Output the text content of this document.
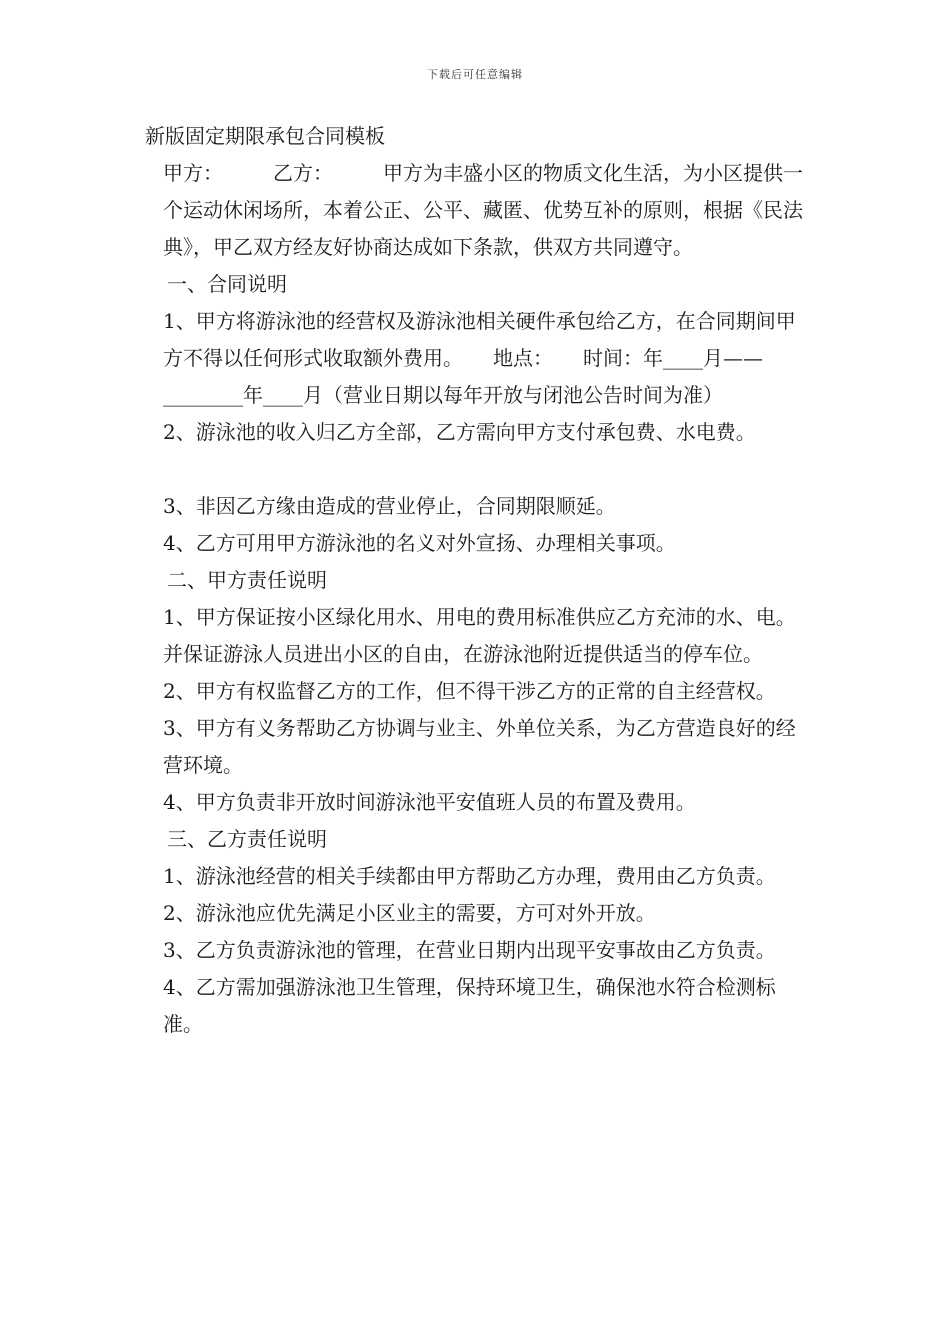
下载后可任意编辑

新版固定期限承包合同模板

甲方：　　　乙方：　　　甲方为丰盛小区的物质文化生活，为小区提供一个运动休闲场所，本着公正、公平、藏匿、优势互补的原则，根据《民法典》，甲乙双方经友好协商达成如下条款，供双方共同遵守。

一、合同说明

1、甲方将游泳池的经营权及游泳池相关硬件承包给乙方，在合同期间甲方不得以任何形式收取额外费用。　　地点：　　时间：年____月——________年____月（营业日期以每年开放与闭池公告时间为准）

2、游泳池的收入归乙方全部，乙方需向甲方支付承包费、水电费。

3、非因乙方缘由造成的营业停止，合同期限顺延。

4、乙方可用甲方游泳池的名义对外宣扬、办理相关事项。

二、甲方责任说明

1、甲方保证按小区绿化用水、用电的费用标准供应乙方充沛的水、电。并保证游泳人员进出小区的自由，在游泳池附近提供适当的停车位。

2、甲方有权监督乙方的工作，但不得干涉乙方的正常的自主经营权。　　3、甲方有义务帮助乙方协调与业主、外单位关系，为乙方营造良好的经营环境。

4、甲方负责非开放时间游泳池平安值班人员的布置及费用。

三、乙方责任说明

1、游泳池经营的相关手续都由甲方帮助乙方办理，费用由乙方负责。

2、游泳池应优先满足小区业主的需要，方可对外开放。

3、乙方负责游泳池的管理，在营业日期内出现平安事故由乙方负责。　　4、乙方需加强游泳池卫生管理，保持环境卫生，确保池水符合检测标准。
